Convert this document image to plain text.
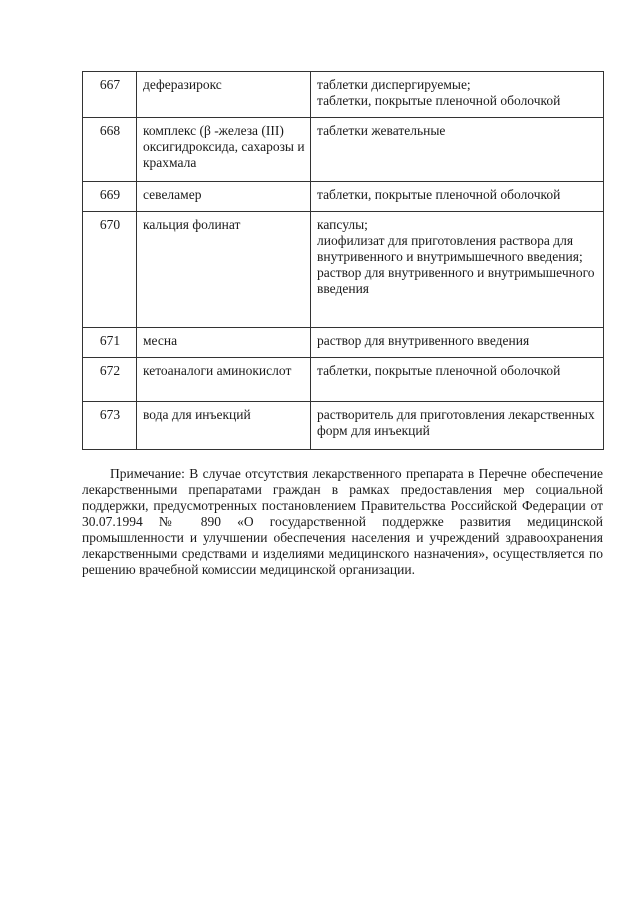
667	деферазирокс	таблетки диспергируемые;
таблетки, покрытые пленочной оболочкой
668	комплекс (β -железа (III) оксигидроксида, сахарозы и крахмала	таблетки жевательные
669	севеламер	таблетки, покрытые пленочной оболочкой
670	кальция фолинат	капсулы;
лиофилизат для приготовления раствора для внутривенного и внутримышечного введения;
раствор для внутривенного и внутримышечного введения
671	месна	раствор для внутривенного введения
672	кетоаналоги аминокислот	таблетки, покрытые пленочной оболочкой
673	вода для инъекций	растворитель для приготовления лекарственных форм для инъекций

Примечание: В случае отсутствия лекарственного препарата в Перечне обеспечение лекарственными препаратами граждан в рамках предоставления мер социальной поддержки, предусмотренных постановлением Правительства Российской Федерации от 30.07.1994 № 890 «О государственной поддержке развития медицинской промышленности и улучшении обеспечения населения и учреждений здравоохранения лекарственными средствами и изделиями медицинского назначения», осуществляется по решению врачебной комиссии медицинской организации.
